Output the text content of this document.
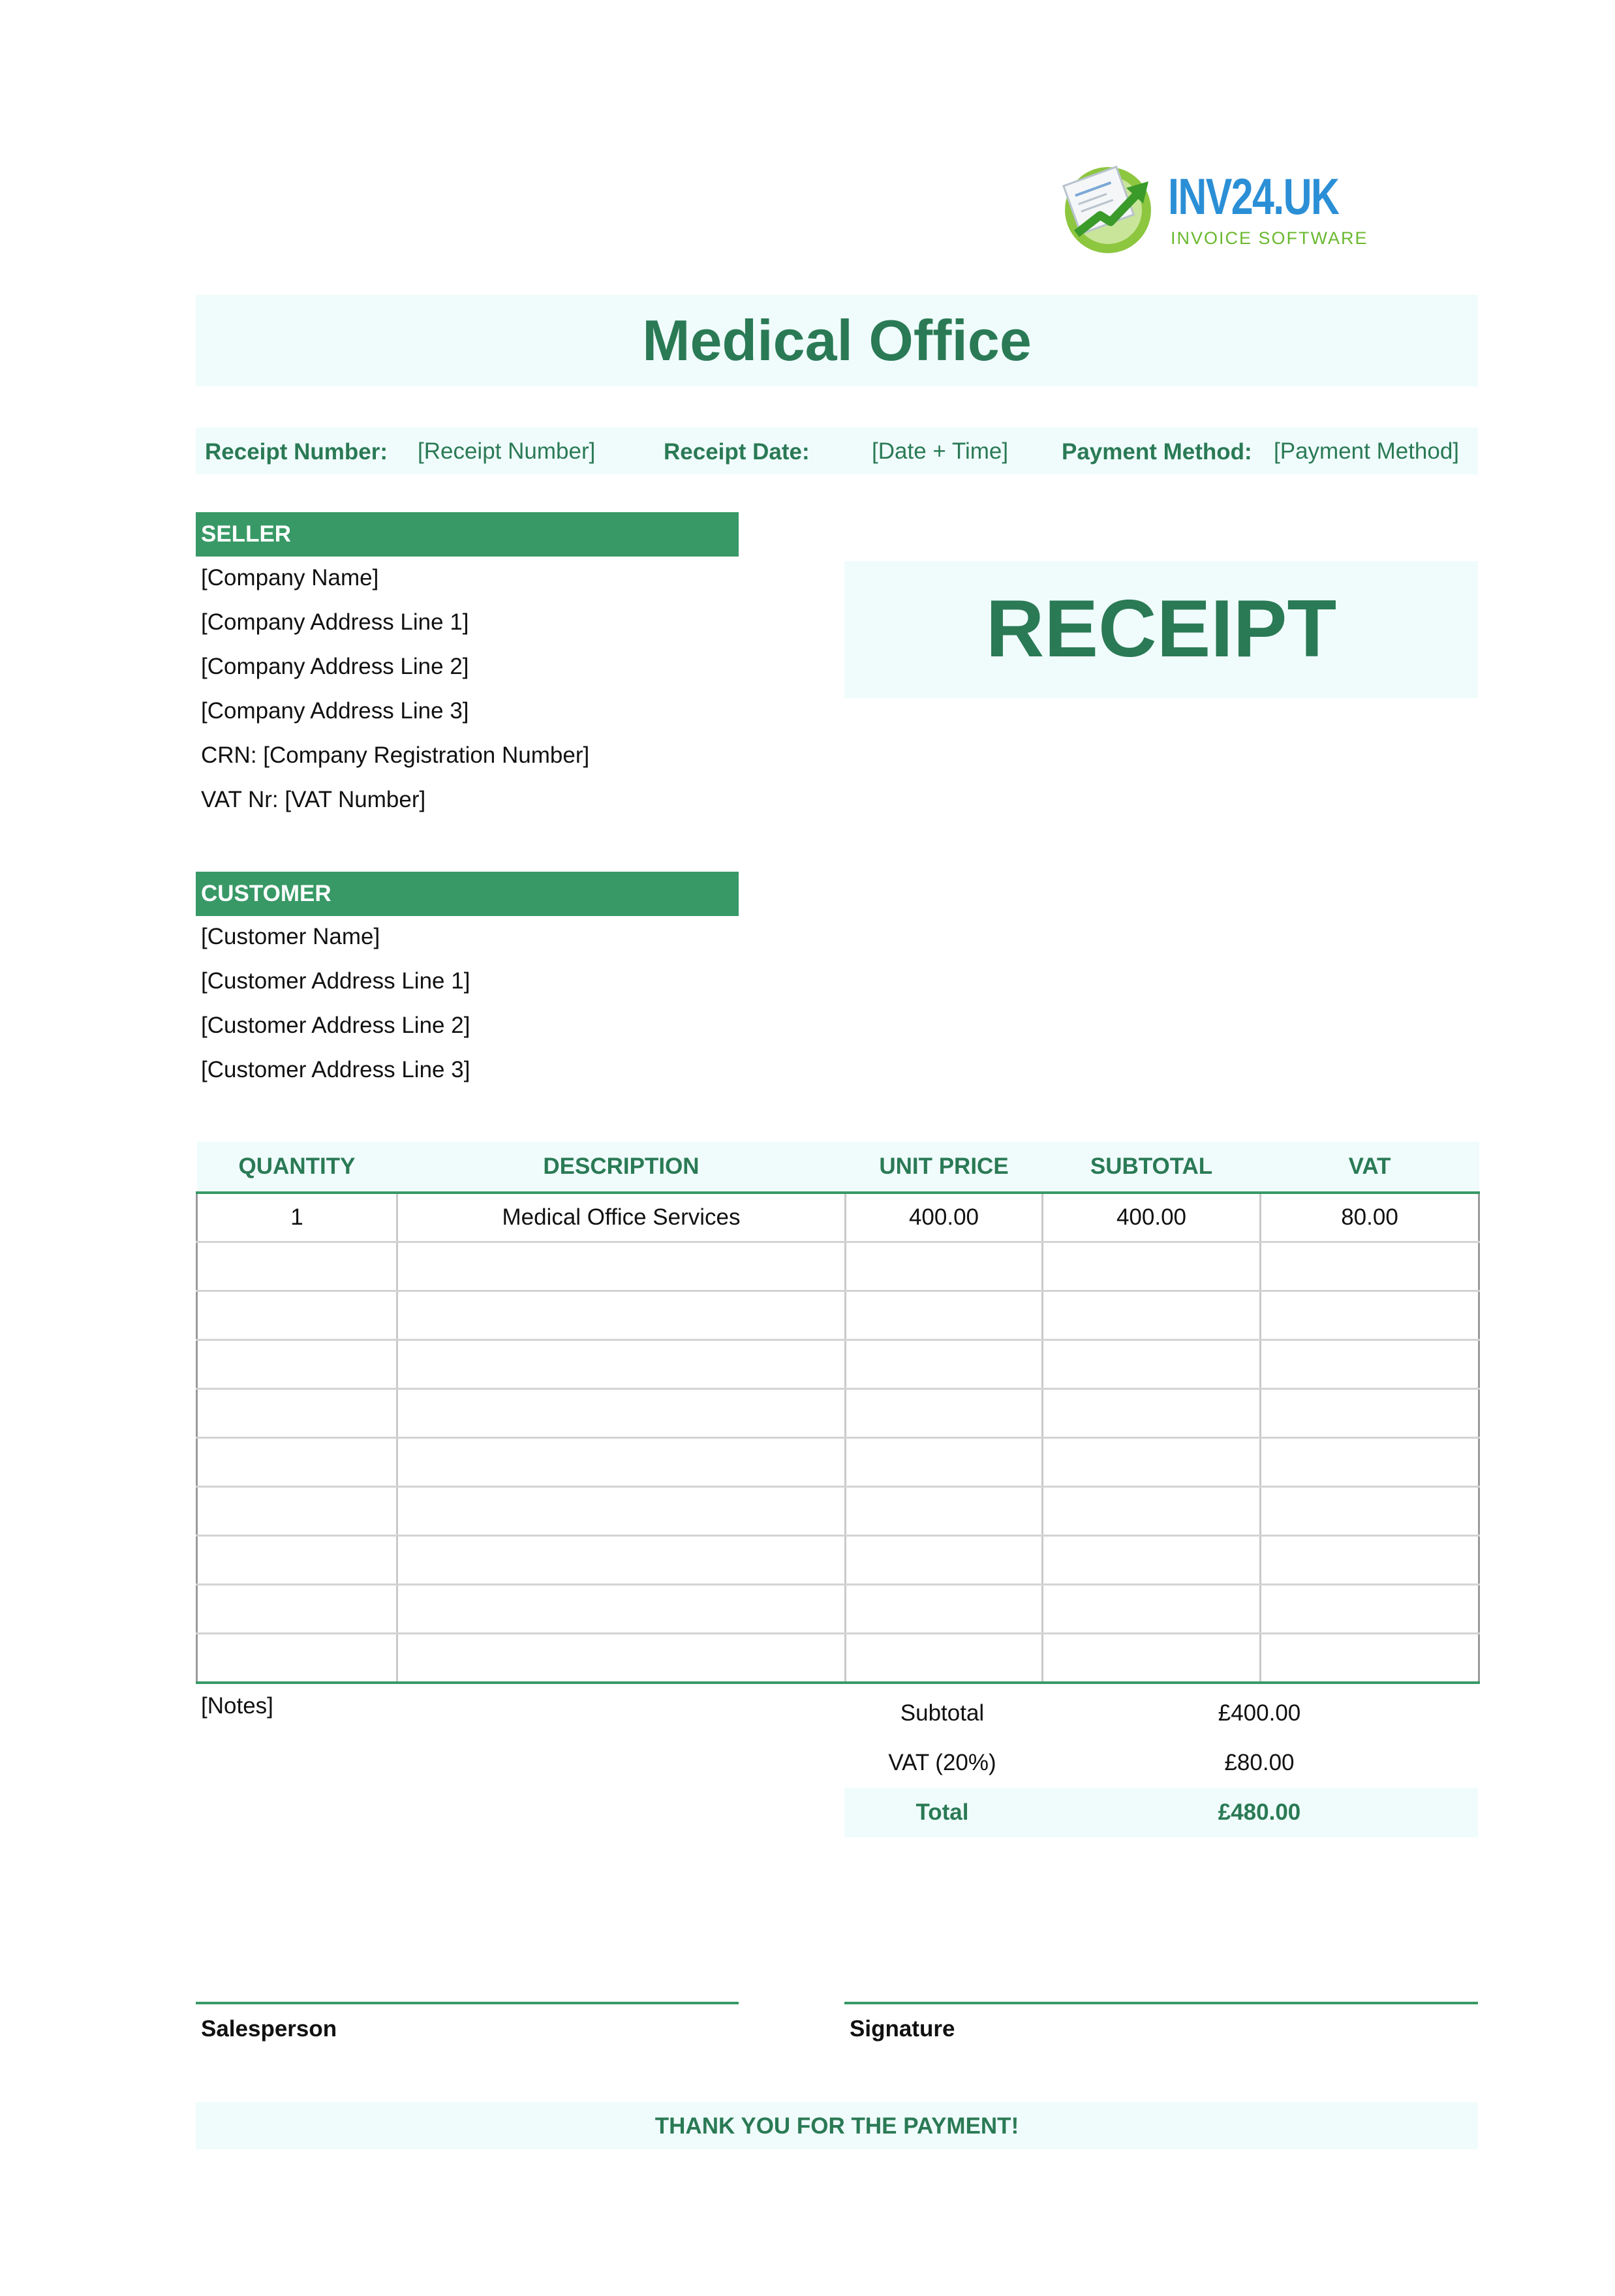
INV24.UK
INVOICE SOFTWARE
Medical Office
Receipt Number: [Receipt Number]	Receipt Date:	[Date + Time] Payment Method: [Payment Method]
SELLER
[Company Name]
[Company Address Line 1]
[Company Address Line 2]
[Company Address Line 3]
CRN: [Company Registration Number]
VAT Nr: [VAT Number]
RECEIPT
CUSTOMER
[Customer Name]
[Customer Address Line 1]
[Customer Address Line 2]
[Customer Address Line 3]
QUANTITY	DESCRIPTION	UNIT PRICE	SUBTOTAL	VAT
1	Medical Office Services	400.00	400.00	80.00

[Notes]	Subtotal	£400.00
VAT (20%)	£80.00
Total	£480.00
Salesperson	Signature
THANK YOU FOR THE PAYMENT!
